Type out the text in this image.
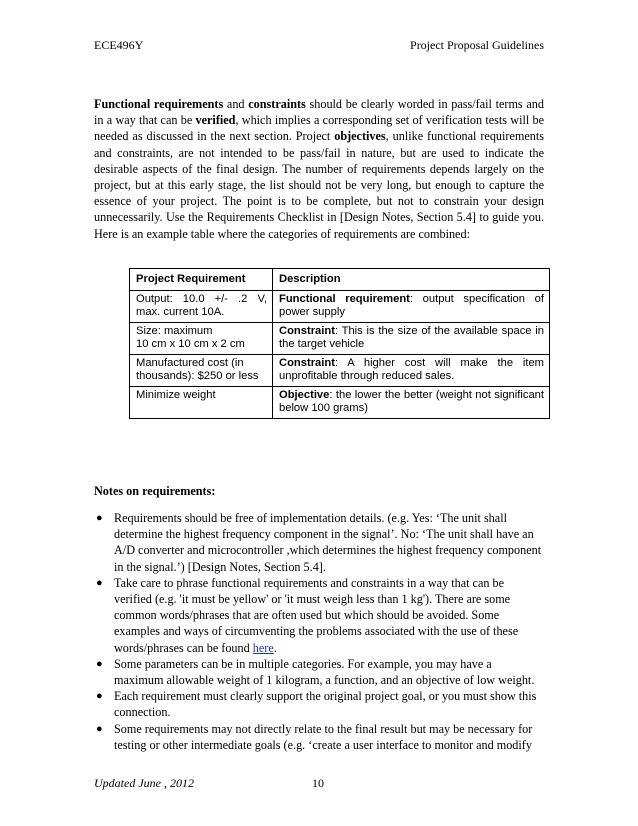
ECE496Y	Project Proposal Guidelines

Functional requirements and constraints should be clearly worded in pass/fail terms and in a way that can be verified, which implies a corresponding set of verification tests will be needed as discussed in the next section. Project objectives, unlike functional requirements and constraints, are not intended to be pass/fail in nature, but are used to indicate the desirable aspects of the final design. The number of requirements depends largely on the project, but at this early stage, the list should not be very long, but enough to capture the essence of your project. The point is to be complete, but not to constrain your design unnecessarily. Use the Requirements Checklist in [Design Notes, Section 5.4] to guide you. Here is an example table where the categories of requirements are combined:

Project Requirement	Description

Output: 10.0 +/- .2 V,
max. current 10A.	Functional requirement: output specification of power supply

Size: maximum
10 cm x 10 cm x 2 cm	Constraint: This is the size of the available space in the target vehicle

Manufactured cost (in
thousands): $250 or less	Constraint: A higher cost will make the item unprofitable through reduced sales.

Minimize weight	Objective: the lower the better (weight not significant below 100 grams)

Notes on requirements:

● Requirements should be free of implementation details. (e.g. Yes: ‘The unit shall determine the highest frequency component in the signal’. No: ‘The unit shall have an A/D converter and microcontroller ,which determines the highest frequency component in the signal.’) [Design Notes, Section 5.4].
● Take care to phrase functional requirements and constraints in a way that can be verified (e.g. 'it must be yellow' or 'it must weigh less than 1 kg'). There are some common words/phrases that are often used but which should be avoided. Some examples and ways of circumventing the problems associated with the use of these words/phrases can be found here.
● Some parameters can be in multiple categories. For example, you may have a maximum allowable weight of 1 kilogram, a function, and an objective of low weight.
● Each requirement must clearly support the original project goal, or you must show this connection.
● Some requirements may not directly relate to the final result but may be necessary for testing or other intermediate goals (e.g. ‘create a user interface to monitor and modify
Updated June , 2012	10
